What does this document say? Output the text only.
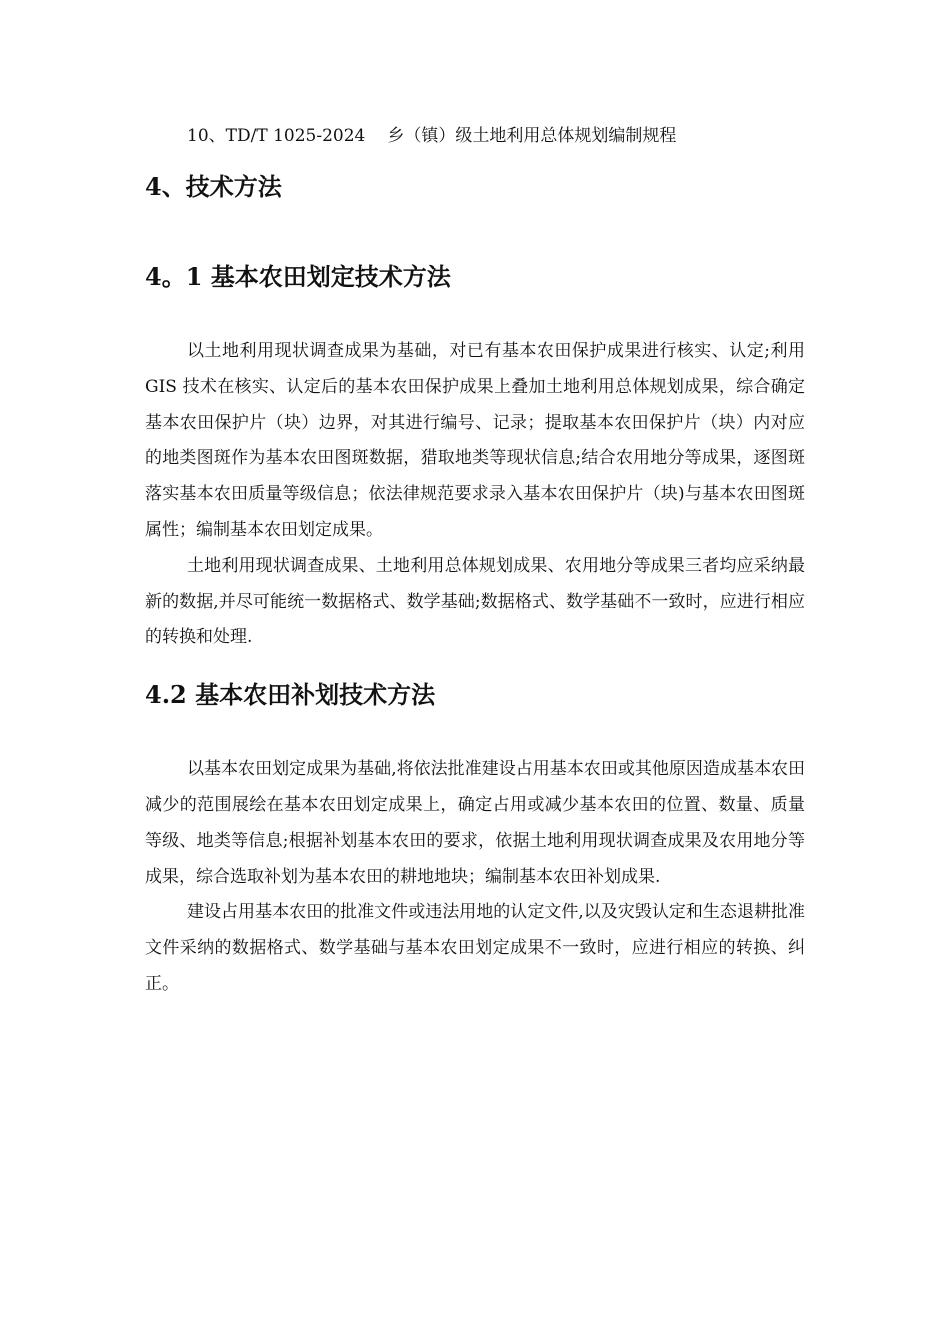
10、TD/T 1025-2024 乡（镇）级土地利用总体规划编制规程

4、技术方法
4。1 基本农田划定技术方法

以土地利用现状调查成果为基础，对已有基本农田保护成果进行核实、认定;利用 GIS 技术在核实、认定后的基本农田保护成果上叠加土地利用总体规划成果，综合确定基本农田保护片（块）边界，对其进行编号、记录；提取基本农田保护片（块）内对应的地类图斑作为基本农田图斑数据，猎取地类等现状信息;结合农用地分等成果，逐图斑落实基本农田质量等级信息；依法律规范要求录入基本农田保护片（块)与基本农田图斑属性；编制基本农田划定成果。

土地利用现状调查成果、土地利用总体规划成果、农用地分等成果三者均应采纳最新的数据,并尽可能统一数据格式、数学基础;数据格式、数学基础不一致时，应进行相应的转换和处理.

4.2 基本农田补划技术方法

以基本农田划定成果为基础,将依法批准建设占用基本农田或其他原因造成基本农田减少的范围展绘在基本农田划定成果上，确定占用或减少基本农田的位置、数量、质量等级、地类等信息;根据补划基本农田的要求，依据土地利用现状调查成果及农用地分等成果，综合选取补划为基本农田的耕地地块；编制基本农田补划成果.

建设占用基本农田的批准文件或违法用地的认定文件,以及灾毁认定和生态退耕批准文件采纳的数据格式、数学基础与基本农田划定成果不一致时，应进行相应的转换、纠正。
